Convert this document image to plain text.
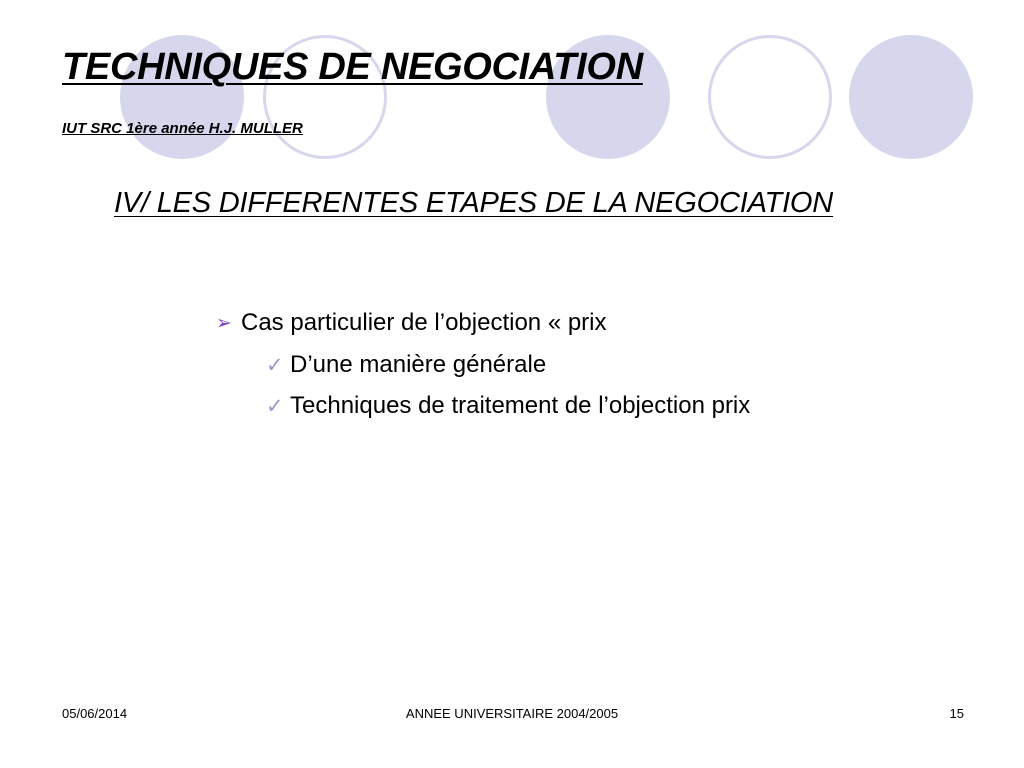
TECHNIQUES DE NEGOCIATION
IUT SRC 1ère année H.J. MULLER
IV/ LES DIFFERENTES ETAPES DE LA NEGOCIATION
➢ Cas particulier de l’objection « prix
✓ D’une manière générale
✓ Techniques de traitement de l’objection prix
05/06/2014	ANNEE UNIVERSITAIRE 2004/2005	15
